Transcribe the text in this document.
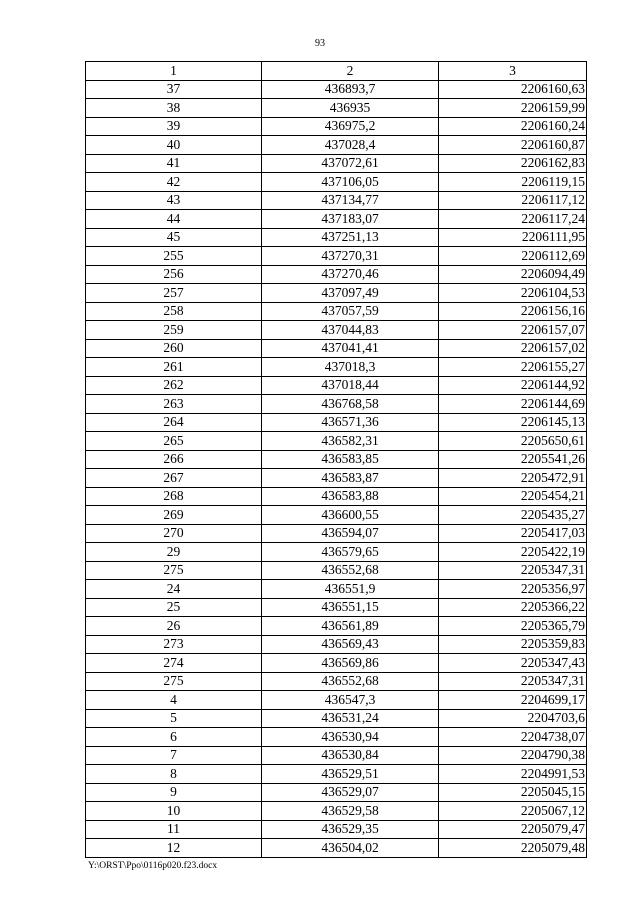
93
1	2	3
37	436893,7	2206160,63
38	436935	2206159,99
39	436975,2	2206160,24
40	437028,4	2206160,87
41	437072,61	2206162,83
42	437106,05	2206119,15
43	437134,77	2206117,12
44	437183,07	2206117,24
45	437251,13	2206111,95
255	437270,31	2206112,69
256	437270,46	2206094,49
257	437097,49	2206104,53
258	437057,59	2206156,16
259	437044,83	2206157,07
260	437041,41	2206157,02
261	437018,3	2206155,27
262	437018,44	2206144,92
263	436768,58	2206144,69
264	436571,36	2206145,13
265	436582,31	2205650,61
266	436583,85	2205541,26
267	436583,87	2205472,91
268	436583,88	2205454,21
269	436600,55	2205435,27
270	436594,07	2205417,03
29	436579,65	2205422,19
275	436552,68	2205347,31
24	436551,9	2205356,97
25	436551,15	2205366,22
26	436561,89	2205365,79
273	436569,43	2205359,83
274	436569,86	2205347,43
275	436552,68	2205347,31
4	436547,3	2204699,17
5	436531,24	2204703,6
6	436530,94	2204738,07
7	436530,84	2204790,38
8	436529,51	2204991,53
9	436529,07	2205045,15
10	436529,58	2205067,12
11	436529,35	2205079,47
12	436504,02	2205079,48
Y:\ORST\Ppo\0116p020.f23.docx
